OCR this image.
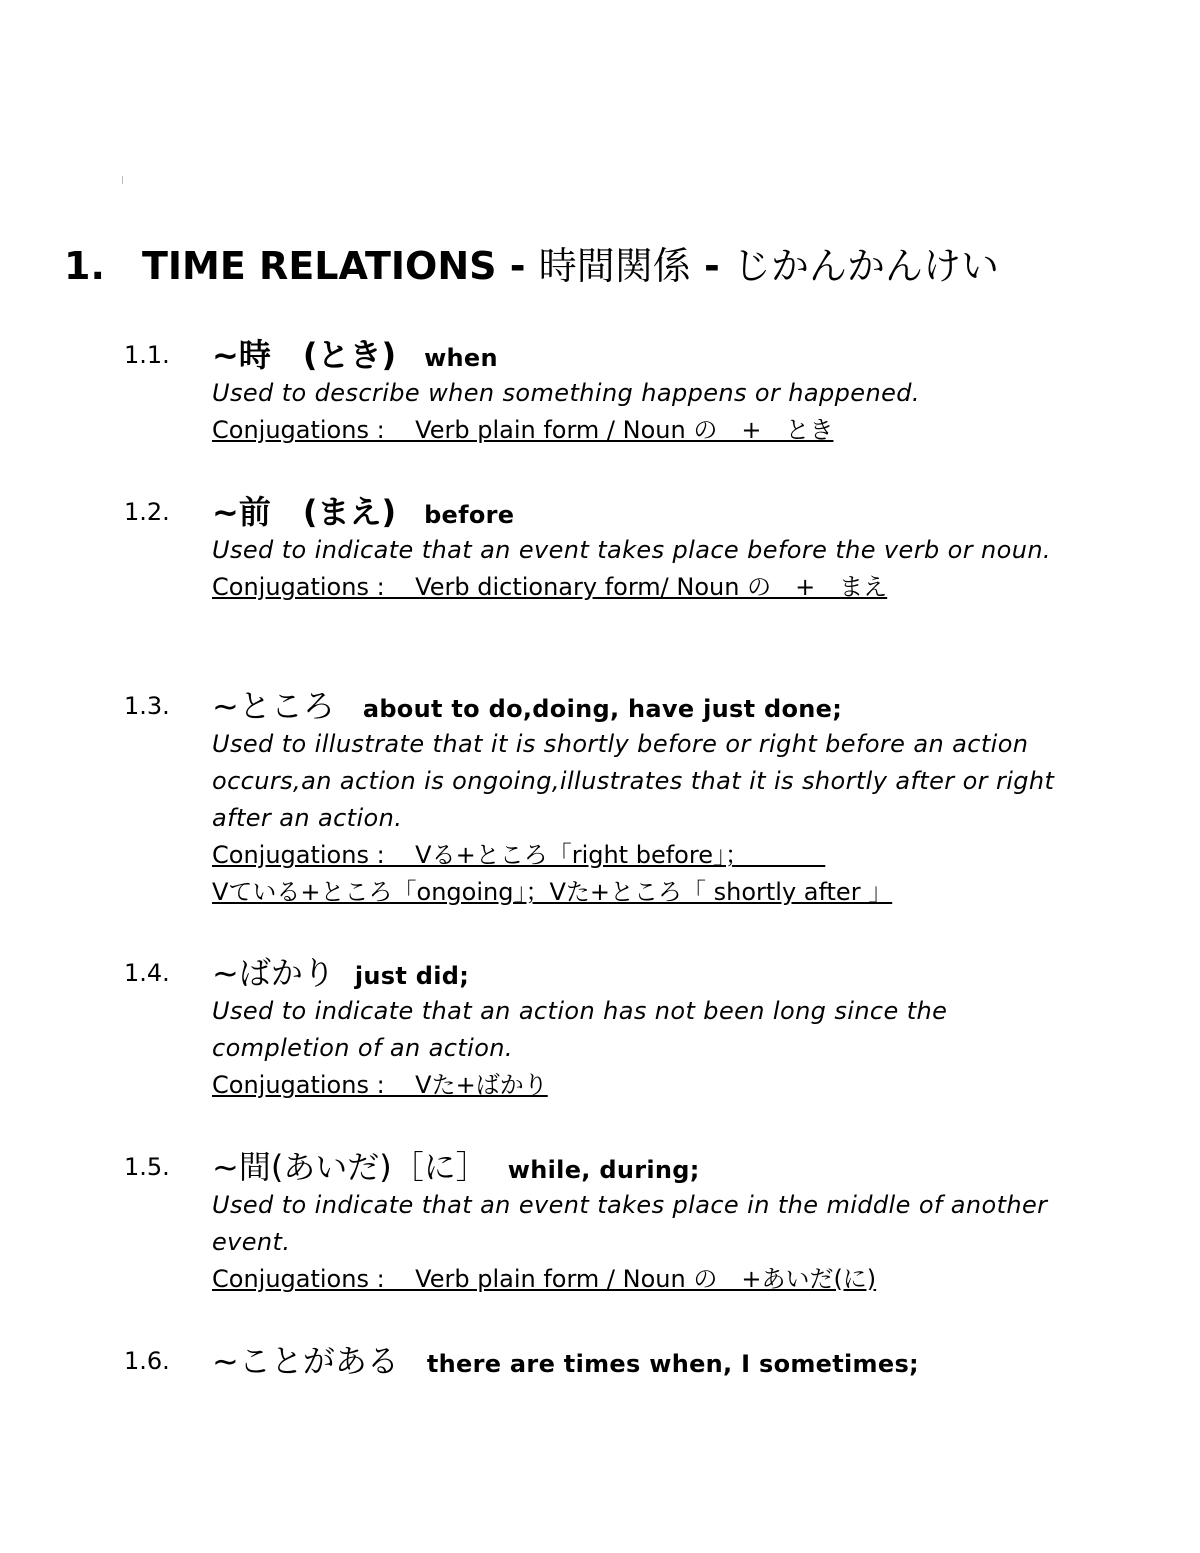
1. TIME RELATIONS - 時間関係 - じかんかんけい
1.1. ~時　(とき) when

Used to describe when something happens or happened.

Conjugations :    Verb plain form / Noun の　+　とき

1.2. ~前　(まえ) before

Used to indicate that an event takes place before the verb or noun.

Conjugations :    Verb dictionary form/ Noun の　+　まえ

1.3. ~ところ about to do,doing, have just done;

Used to illustrate that it is shortly before or right before an action occurs,an action is ongoing,illustrates that it is shortly after or right after an action.

Conjugations :    Vる+ところ「right before」；

Vている+ところ「ongoing」；Vた+ところ「 shortly after 」

1.4. ~ばかり just did;

Used to indicate that an action has not been long since the completion of an action.

Conjugations :    Vた+ばかり

1.5. ~間(あいだ)［に］ while, during;

Used to indicate that an event takes place in the middle of another event.

Conjugations :    Verb plain form / Noun の　+あいだ(に)

1.6. ~ことがある there are times when, I sometimes;
